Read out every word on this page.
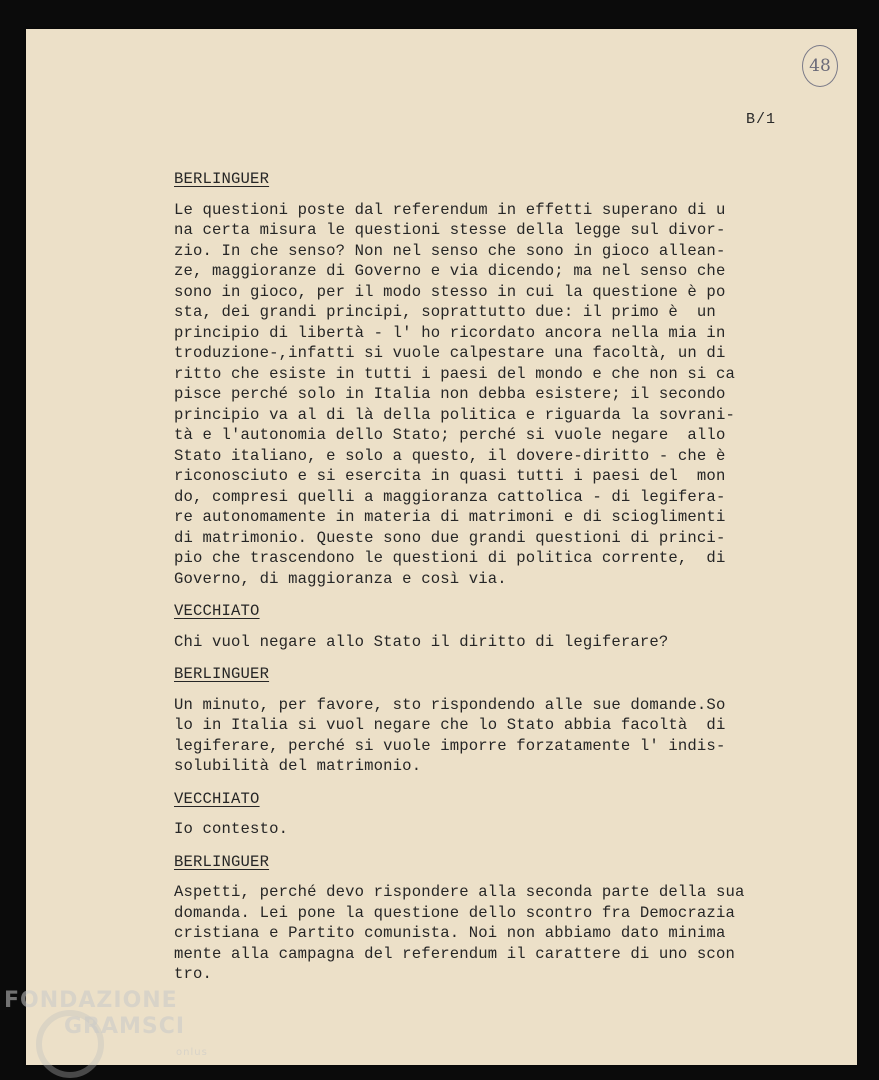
48
B/1
BERLINGUER

Le questioni poste dal referendum in effetti superano di u

na certa misura le questioni stesse della legge sul divor-

zio. In che senso? Non nel senso che sono in gioco allean-

ze, maggioranze di Governo e via dicendo; ma nel senso che

sono in gioco, per il modo stesso in cui la questione è po

sta, dei grandi principi, soprattutto due: il primo è  un

principio di libertà - l' ho ricordato ancora nella mia in

troduzione-,infatti si vuole calpestare una facoltà, un di

ritto che esiste in tutti i paesi del mondo e che non si ca

pisce perché solo in Italia non debba esistere; il secondo

principio va al di là della politica e riguarda la sovrani-

tà e l'autonomia dello Stato; perché si vuole negare  allo

Stato italiano, e solo a questo, il dovere-diritto - che è

riconosciuto e si esercita in quasi tutti i paesi del  mon

do, compresi quelli a maggioranza cattolica - di legifera-

re autonomamente in materia di matrimoni e di scioglimenti

di matrimonio. Queste sono due grandi questioni di princi-

pio che trascendono le questioni di politica corrente,  di

Governo, di maggioranza e così via.

VECCHIATO

Chi vuol negare allo Stato il diritto di legiferare?

BERLINGUER

Un minuto, per favore, sto rispondendo alle sue domande.So

lo in Italia si vuol negare che lo Stato abbia facoltà  di

legiferare, perché si vuole imporre forzatamente l' indis-

solubilità del matrimonio.

VECCHIATO

Io contesto.

BERLINGUER

Aspetti, perché devo rispondere alla seconda parte della sua

domanda. Lei pone la questione dello scontro fra Democrazia

cristiana e Partito comunista. Noi non abbiamo dato minima

mente alla campagna del referendum il carattere di uno scon

tro.

FONDAZIONE
GRAMSCI
onlus
